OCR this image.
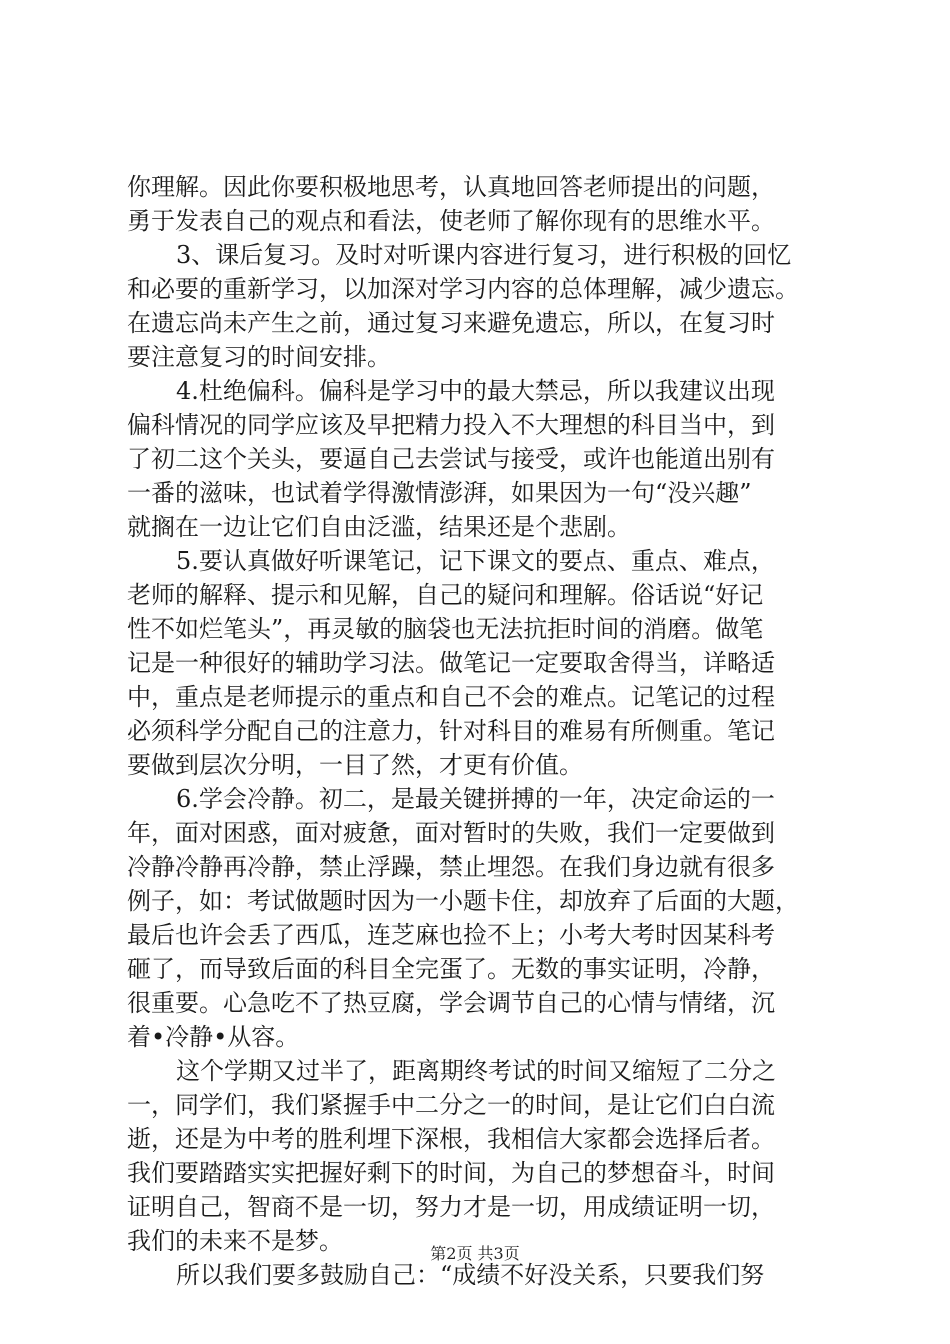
你理解。因此你要积极地思考，认真地回答老师提出的问题，
勇于发表自己的观点和看法，使老师了解你现有的思维水平。
3、课后复习。及时对听课内容进行复习，进行积极的回忆
和必要的重新学习，以加深对学习内容的总体理解，减少遗忘。
在遗忘尚未产生之前，通过复习来避免遗忘，所以，在复习时
要注意复习的时间安排。
4.杜绝偏科。偏科是学习中的最大禁忌，所以我建议出现
偏科情况的同学应该及早把精力投入不大理想的科目当中，到
了初二这个关头，要逼自己去尝试与接受，或许也能道出别有
一番的滋味，也试着学得激情澎湃，如果因为一句“没兴趣”
就搁在一边让它们自由泛滥，结果还是个悲剧。
5.要认真做好听课笔记，记下课文的要点、重点、难点，
老师的解释、提示和见解，自己的疑问和理解。俗话说“好记
性不如烂笔头”，再灵敏的脑袋也无法抗拒时间的消磨。做笔
记是一种很好的辅助学习法。做笔记一定要取舍得当，详略适
中，重点是老师提示的重点和自己不会的难点。记笔记的过程
必须科学分配自己的注意力，针对科目的难易有所侧重。笔记
要做到层次分明，一目了然，才更有价值。
6.学会冷静。初二，是最关键拼搏的一年，决定命运的一
年，面对困惑，面对疲惫，面对暂时的失败，我们一定要做到
冷静冷静再冷静，禁止浮躁，禁止埋怨。在我们身边就有很多
例子，如：考试做题时因为一小题卡住，却放弃了后面的大题，
最后也许会丢了西瓜，连芝麻也捡不上；小考大考时因某科考
砸了，而导致后面的科目全完蛋了。无数的事实证明，冷静，
很重要。心急吃不了热豆腐，学会调节自己的心情与情绪，沉
着•冷静•从容。
这个学期又过半了，距离期终考试的时间又缩短了二分之
一，同学们，我们紧握手中二分之一的时间，是让它们白白流
逝，还是为中考的胜利埋下深根，我相信大家都会选择后者。
我们要踏踏实实把握好剩下的时间，为自己的梦想奋斗，时间
证明自己，智商不是一切，努力才是一切，用成绩证明一切，
我们的未来不是梦。
所以我们要多鼓励自己：“成绩不好没关系，只要我们努
第2页 共3页
